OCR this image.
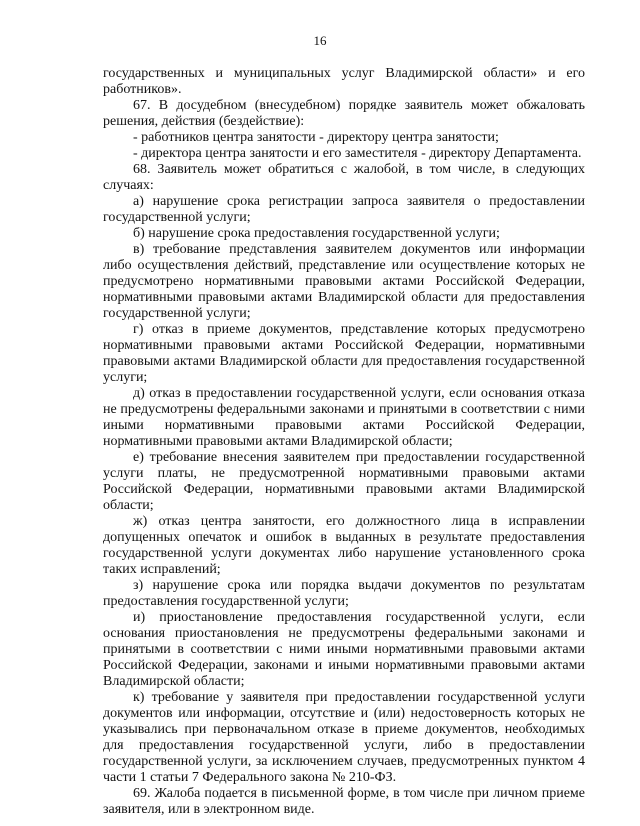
16

государственных и муниципальных услуг Владимирской области» и его работников».

67. В досудебном (внесудебном) порядке заявитель может обжаловать решения, действия (бездействие):

- работников центра занятости - директору центра занятости;

- директора центра занятости и его заместителя - директору Департамента.

68. Заявитель может обратиться с жалобой, в том числе, в следующих случаях:

а) нарушение срока регистрации запроса заявителя о предоставлении государственной услуги;

б) нарушение срока предоставления государственной услуги;

в) требование представления заявителем документов или информации либо осуществления действий, представление или осуществление которых не предусмотрено нормативными правовыми актами Российской Федерации, нормативными правовыми актами Владимирской области для предоставления государственной услуги;

г) отказ в приеме документов, представление которых предусмотрено нормативными правовыми актами Российской Федерации, нормативными правовыми актами Владимирской области для предоставления государственной услуги;

д) отказ в предоставлении государственной услуги, если основания отказа не предусмотрены федеральными законами и принятыми в соответствии с ними иными нормативными правовыми актами Российской Федерации, нормативными правовыми актами Владимирской области;

е) требование внесения заявителем при предоставлении государственной услуги платы, не предусмотренной нормативными правовыми актами Российской Федерации, нормативными правовыми актами Владимирской области;

ж) отказ центра занятости, его должностного лица в исправлении допущенных опечаток и ошибок в выданных в результате предоставления государственной услуги документах либо нарушение установленного срока таких исправлений;

з) нарушение срока или порядка выдачи документов по результатам предоставления государственной услуги;

и) приостановление предоставления государственной услуги, если основания приостановления не предусмотрены федеральными законами и принятыми в соответствии с ними иными нормативными правовыми актами Российской Федерации, законами и иными нормативными правовыми актами Владимирской области;

к) требование у заявителя при предоставлении государственной услуги документов или информации, отсутствие и (или) недостоверность которых не указывались при первоначальном отказе в приеме документов, необходимых для предоставления государственной услуги, либо в предоставлении государственной услуги, за исключением случаев, предусмотренных пунктом 4 части 1 статьи 7 Федерального закона № 210-ФЗ.

69. Жалоба подается в письменной форме, в том числе при личном приеме заявителя, или в электронном виде.
